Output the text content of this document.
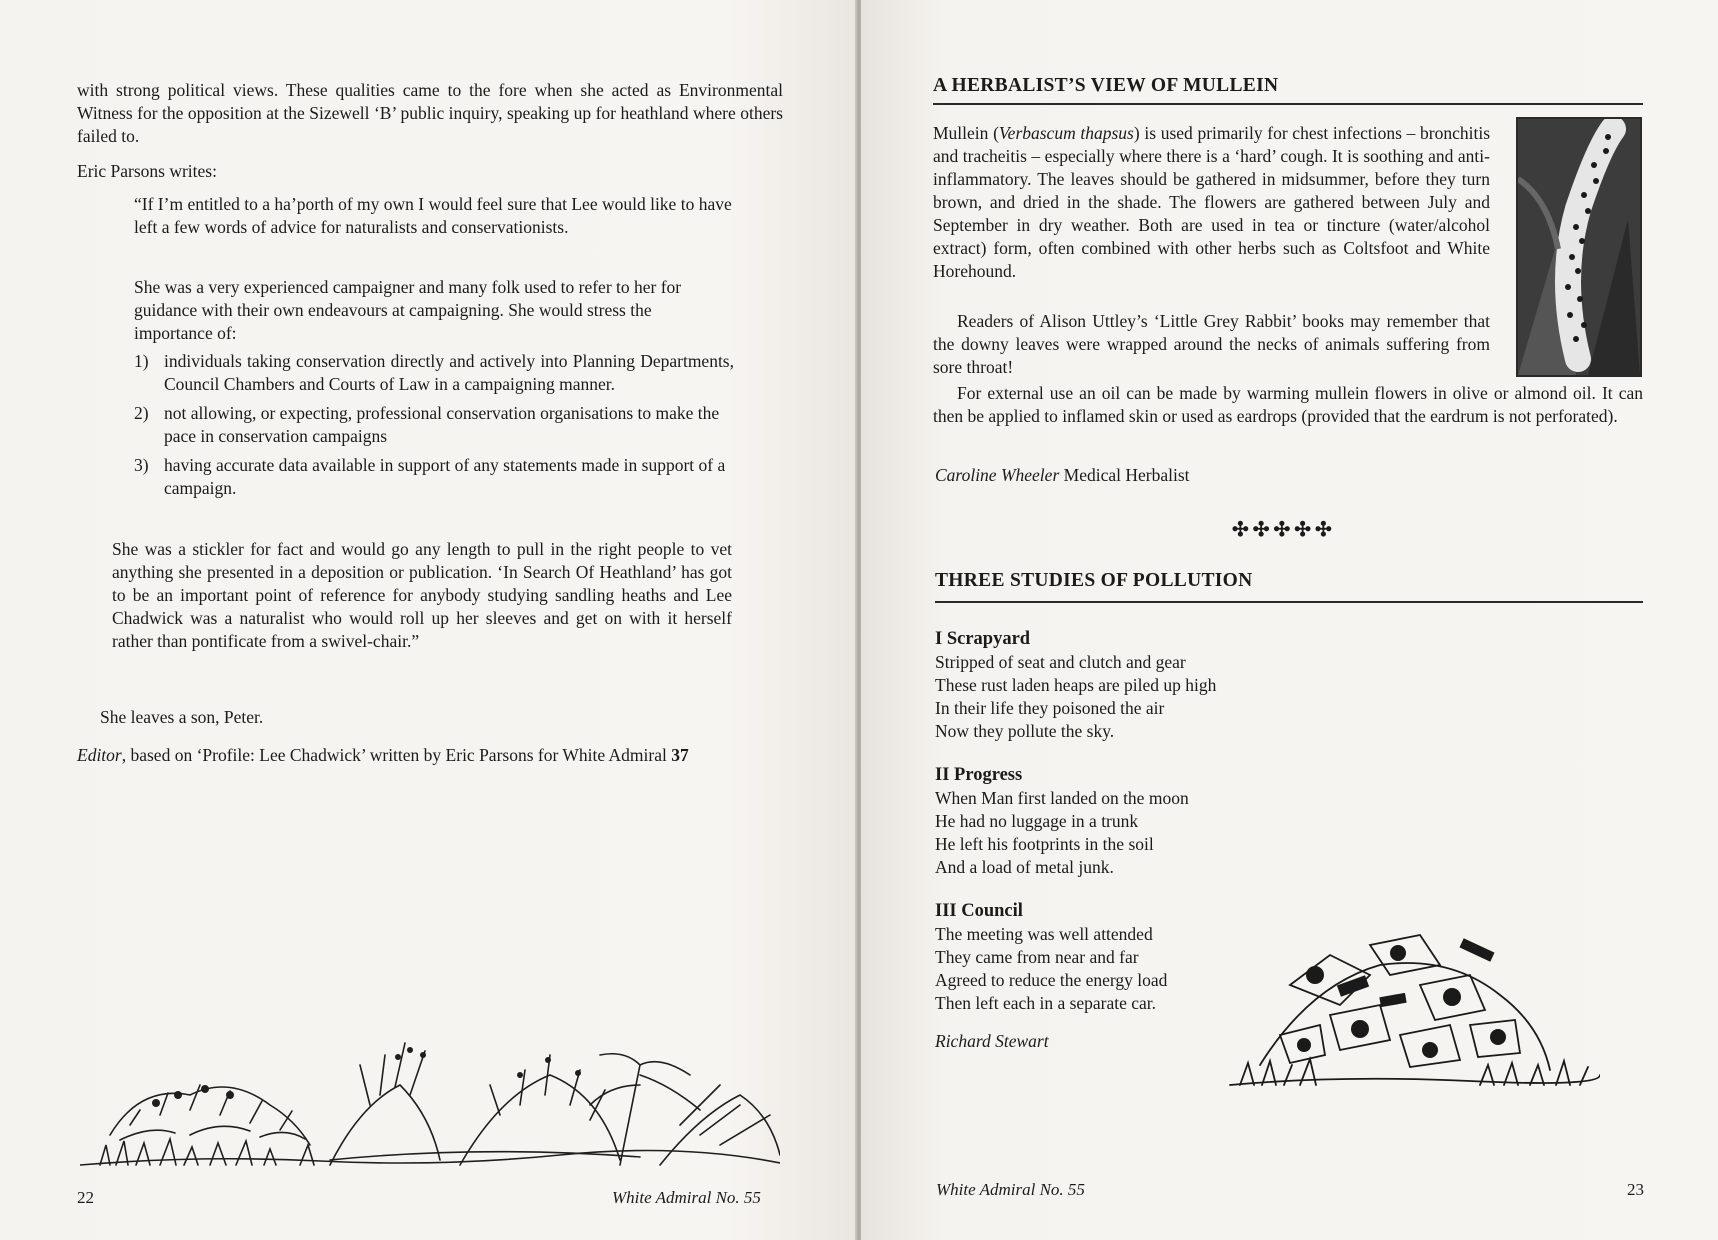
with strong political views. These qualities came to the fore when she acted as Environmental Witness for the opposition at the Sizewell ‘B’ public inquiry, speaking up for heathland where others failed to.

Eric Parsons writes:

“If I’m entitled to a ha’porth of my own I would feel sure that Lee would like to have left a few words of advice for naturalists and conservationists.

She was a very experienced campaigner and many folk used to refer to her for guidance with their own endeavours at campaigning. She would stress the importance of:

1) individuals taking conservation directly and actively into Planning Departments, Council Chambers and Courts of Law in a campaigning manner.
2) not allowing, or expecting, professional conservation organisations to make the pace in conservation campaigns
3) having accurate data available in support of any statements made in support of a campaign.

She was a stickler for fact and would go any length to pull in the right people to vet anything she presented in a deposition or publication. ‘In Search Of Heathland’ has got to be an important point of reference for anybody studying sandling heaths and Lee Chadwick was a naturalist who would roll up her sleeves and get on with it herself rather than pontificate from a swivel-chair.”

She leaves a son, Peter.

Editor, based on ‘Profile: Lee Chadwick’ written by Eric Parsons for White Admiral 37

22	White Admiral No. 55
A HERBALIST’S VIEW OF MULLEIN

Mullein (Verbascum thapsus) is used primarily for chest infections – bronchitis and tracheitis – especially where there is a ‘hard’ cough. It is soothing and anti-inflammatory. The leaves should be gathered in midsummer, before they turn brown, and dried in the shade. The flowers are gathered between July and September in dry weather. Both are used in tea or tincture (water/alcohol extract) form, often combined with other herbs such as Coltsfoot and White Horehound.

Readers of Alison Uttley’s ‘Little Grey Rabbit’ books may remember that the downy leaves were wrapped around the necks of animals suffering from sore throat!

For external use an oil can be made by warming mullein flowers in olive or almond oil. It can then be applied to inflamed skin or used as eardrops (provided that the eardrum is not perforated).

Caroline Wheeler Medical Herbalist

✣✣✣✣✣
THREE STUDIES OF POLLUTION
I Scrapyard
Stripped of seat and clutch and gear
These rust laden heaps are piled up high
In their life they poisoned the air
Now they pollute the sky.
II Progress
When Man first landed on the moon
He had no luggage in a trunk
He left his footprints in the soil
And a load of metal junk.
III Council
The meeting was well attended
They came from near and far
Agreed to reduce the energy load
Then left each in a separate car.
Richard Stewart
White Admiral No. 55	23
